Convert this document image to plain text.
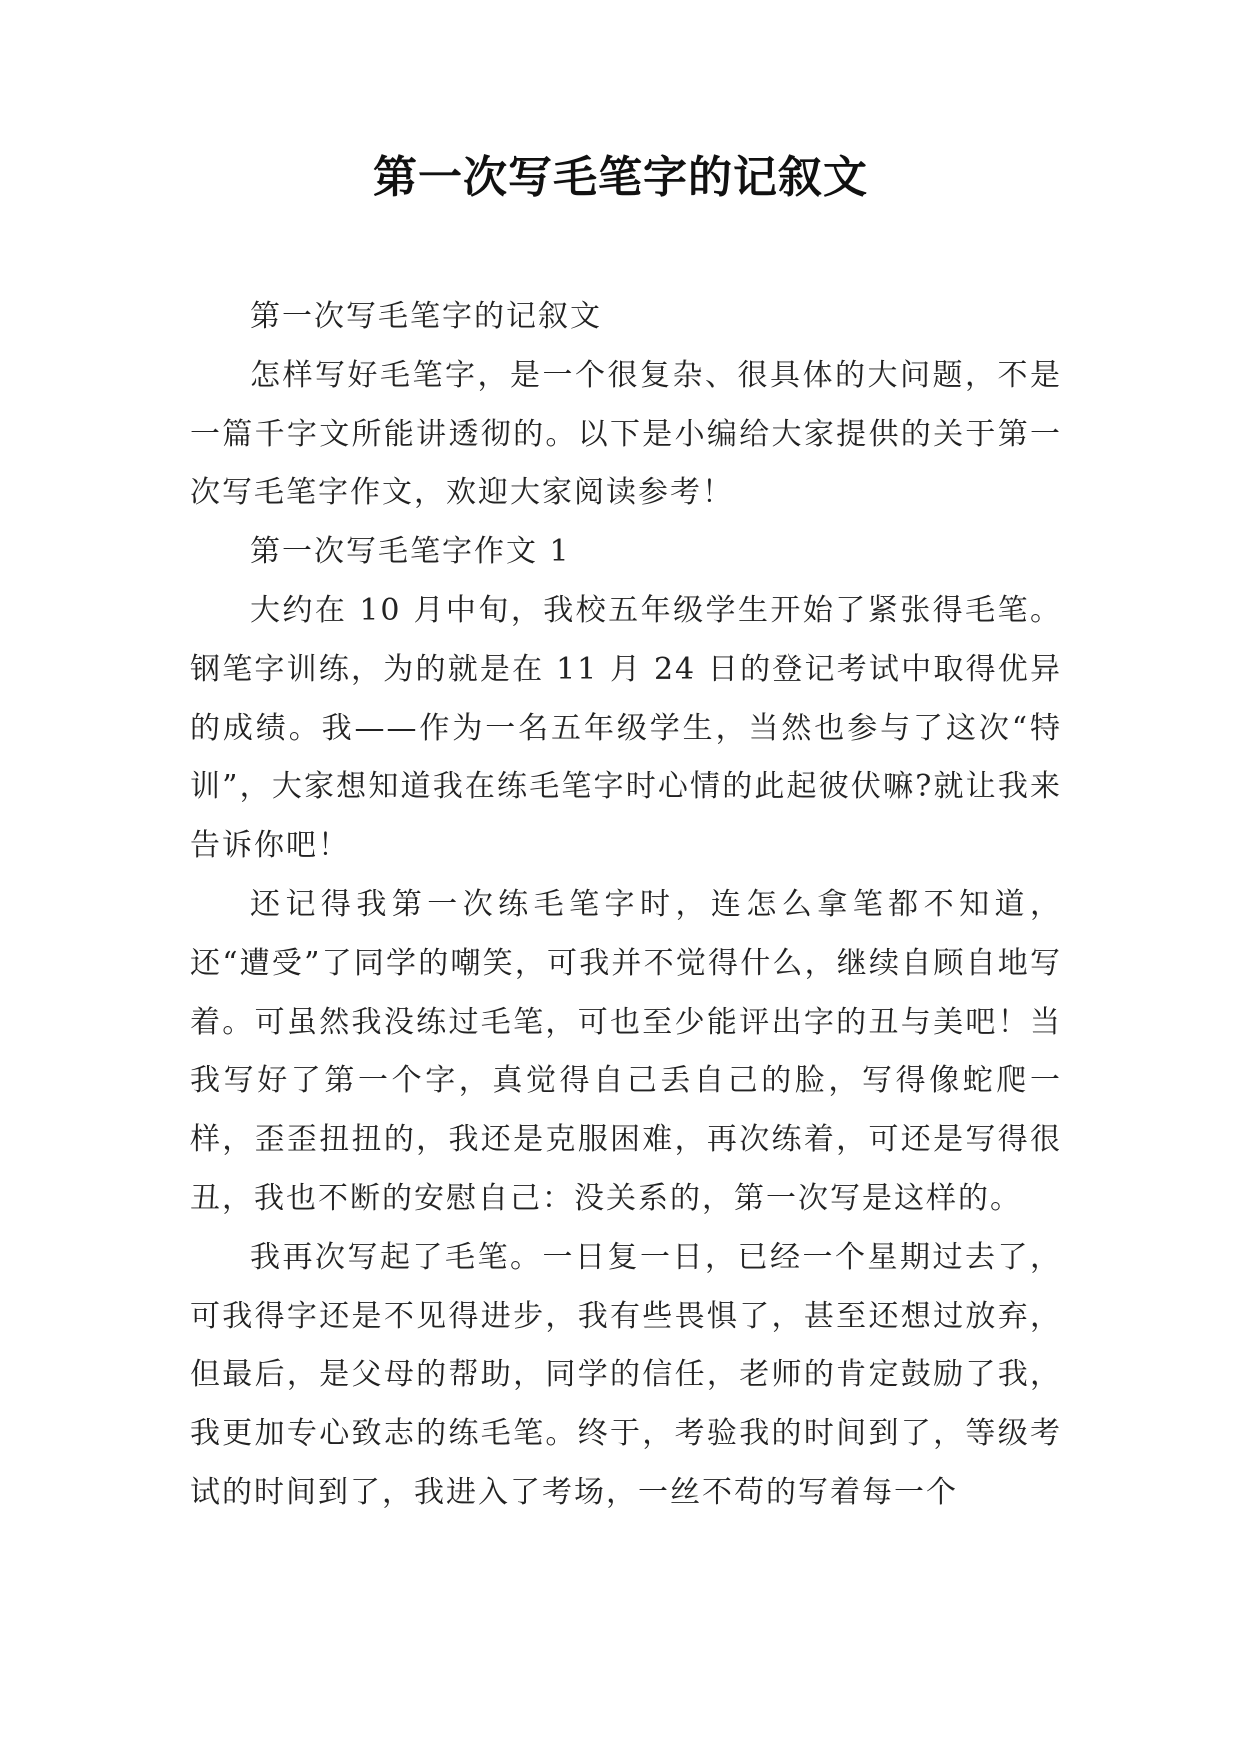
第一次写毛笔字的记叙文

第一次写毛笔字的记叙文

怎样写好毛笔字，是一个很复杂、很具体的大问题，不是一篇千字文所能讲透彻的。以下是小编给大家提供的关于第一次写毛笔字作文，欢迎大家阅读参考！

第一次写毛笔字作文 1

大约在 10 月中旬，我校五年级学生开始了紧张得毛笔。钢笔字训练，为的就是在 11 月 24 日的登记考试中取得优异的成绩。我——作为一名五年级学生，当然也参与了这次“特训”，大家想知道我在练毛笔字时心情的此起彼伏嘛?就让我来告诉你吧！

还记得我第一次练毛笔字时，连怎么拿笔都不知道，还“遭受”了同学的嘲笑，可我并不觉得什么，继续自顾自地写着。可虽然我没练过毛笔，可也至少能评出字的丑与美吧！当我写好了第一个字，真觉得自己丢自己的脸，写得像蛇爬一样，歪歪扭扭的，我还是克服困难，再次练着，可还是写得很丑，我也不断的安慰自己：没关系的，第一次写是这样的。

我再次写起了毛笔。一日复一日，已经一个星期过去了，可我得字还是不见得进步，我有些畏惧了，甚至还想过放弃，但最后，是父母的帮助，同学的信任，老师的肯定鼓励了我，我更加专心致志的练毛笔。终于，考验我的时间到了，等级考试的时间到了，我进入了考场，一丝不苟的写着每一个
